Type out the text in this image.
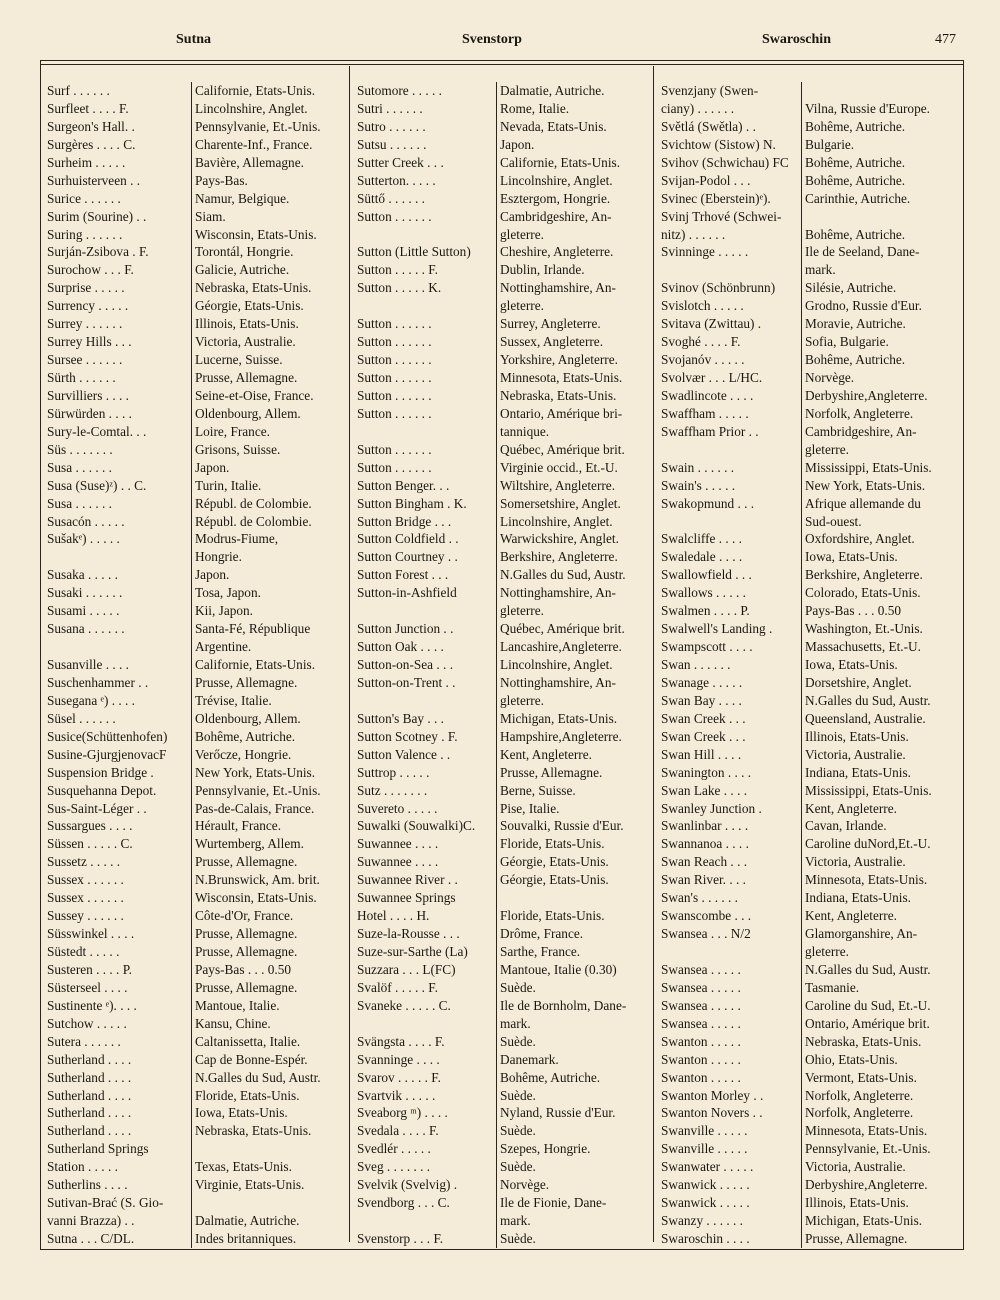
Sutna	Svenstorp	Swaroschin	477
Surf . . . . . .	Californie, Etats-Unis.
Surfleet . . . . F.	Lincolnshire, Anglet.
Surgeon's Hall. .	Pennsylvanie, Et.-Unis.
Surgères . . . . C.	Charente-Inf., France.
Surheim . . . . .	Bavière, Allemagne.
Surhuisterveen . .	Pays-Bas.
Surice . . . . . .	Namur, Belgique.
Surim (Sourine) . .	Siam.
Suring . . . . . .	Wisconsin, Etats-Unis.
Surján-Zsibova . F.	Torontál, Hongrie.
Surochow . . . F.	Galicie, Autriche.
Surprise . . . . .	Nebraska, Etats-Unis.
Surrency . . . . .	Géorgie, Etats-Unis.
Surrey . . . . . .	Illinois, Etats-Unis.
Surrey Hills . . .	Victoria, Australie.
Sursee . . . . . .	Lucerne, Suisse.
Sürth . . . . . .	Prusse, Allemagne.
Survilliers . . . .	Seine-et-Oise, France.
Sürwürden . . . .	Oldenbourg, Allem.
Sury-le-Comtal. . .	Loire, France.
Süs . . . . . . .	Grisons, Suisse.
Susa . . . . . .	Japon.
Susa (Suse)ᶻ) . . C.	Turin, Italie.
Susa . . . . . .	Républ. de Colombie.
Susacón . . . . .	Républ. de Colombie.
Sušakᵉ) . . . . .	Modrus-Fiume,
Hongrie.
Susaka . . . . .	Japon.
Susaki . . . . . .	Tosa, Japon.
Susami . . . . .	Kii, Japon.
Susana . . . . . .	Santa-Fé, République
Argentine.
Susanville . . . .	Californie, Etats-Unis.
Suschenhammer . .	Prusse, Allemagne.
Susegana ᵉ) . . . .	Trévise, Italie.
Süsel . . . . . .	Oldenbourg, Allem.
Susice(Schüttenhofen)	Bohême, Autriche.
Susine-GjurgjenovacF	Verőcze, Hongrie.
Suspension Bridge .	New York, Etats-Unis.
Susquehanna Depot.	Pennsylvanie, Et.-Unis.
Sus-Saint-Léger . .	Pas-de-Calais, France.
Sussargues . . . .	Hérault, France.
Süssen . . . . . C.	Wurtemberg, Allem.
Sussetz . . . . .	Prusse, Allemagne.
Sussex . . . . . .	N.Brunswick, Am. brit.
Sussex . . . . . .	Wisconsin, Etats-Unis.
Sussey . . . . . .	Côte-d'Or, France.
Süsswinkel . . . .	Prusse, Allemagne.
Süstedt . . . . .	Prusse, Allemagne.
Susteren . . . . P.	Pays-Bas . . . 0.50
Süsterseel . . . .	Prusse, Allemagne.
Sustinente ᵉ). . . .	Mantoue, Italie.
Sutchow . . . . .	Kansu, Chine.
Sutera . . . . . .	Caltanissetta, Italie.
Sutherland . . . .	Cap de Bonne-Espér.
Sutherland . . . .	N.Galles du Sud, Austr.
Sutherland . . . .	Floride, Etats-Unis.
Sutherland . . . .	Iowa, Etats-Unis.
Sutherland . . . .	Nebraska, Etats-Unis.
Sutherland Springs
Station . . . . .	Texas, Etats-Unis.
Sutherlins . . . .	Virginie, Etats-Unis.
Sutivan-Brać (S. Gio-
vanni Brazza) . .	Dalmatie, Autriche.
Sutna . . . C/DL.	Indes britanniques.
Sutomore . . . . .	Dalmatie, Autriche.
Sutri . . . . . .	Rome, Italie.
Sutro . . . . . .	Nevada, Etats-Unis.
Sutsu . . . . . .	Japon.
Sutter Creek . . .	Californie, Etats-Unis.
Sutterton. . . . .	Lincolnshire, Anglet.
Süttő . . . . . .	Esztergom, Hongrie.
Sutton . . . . . .	Cambridgeshire, An-
gleterre.
Sutton (Little Sutton)	Cheshire, Angleterre.
Sutton . . . . . F.	Dublin, Irlande.
Sutton . . . . . K.	Nottinghamshire, An-
gleterre.
Sutton . . . . . .	Surrey, Angleterre.
Sutton . . . . . .	Sussex, Angleterre.
Sutton . . . . . .	Yorkshire, Angleterre.
Sutton . . . . . .	Minnesota, Etats-Unis.
Sutton . . . . . .	Nebraska, Etats-Unis.
Sutton . . . . . .	Ontario, Amérique bri-
tannique.
Sutton . . . . . .	Québec, Amérique brit.
Sutton . . . . . .	Virginie occid., Et.-U.
Sutton Benger. . .	Wiltshire, Angleterre.
Sutton Bingham . K.	Somersetshire, Anglet.
Sutton Bridge . . .	Lincolnshire, Anglet.
Sutton Coldfield . .	Warwickshire, Anglet.
Sutton Courtney . .	Berkshire, Angleterre.
Sutton Forest . . .	N.Galles du Sud, Austr.
Sutton-in-Ashfield	Nottinghamshire, An-
gleterre.
Sutton Junction . .	Québec, Amérique brit.
Sutton Oak . . . .	Lancashire,Angleterre.
Sutton-on-Sea . . .	Lincolnshire, Anglet.
Sutton-on-Trent . .	Nottinghamshire, An-
gleterre.
Sutton's Bay . . .	Michigan, Etats-Unis.
Sutton Scotney . F.	Hampshire,Angleterre.
Sutton Valence . .	Kent, Angleterre.
Suttrop . . . . .	Prusse, Allemagne.
Sutz . . . . . . .	Berne, Suisse.
Suvereto . . . . .	Pise, Italie.
Suwalki (Souwalki)C.	Souvalki, Russie d'Eur.
Suwannee . . . .	Floride, Etats-Unis.
Suwannee . . . .	Géorgie, Etats-Unis.
Suwannee River . .	Géorgie, Etats-Unis.
Suwannee Springs
Hotel . . . . H.	Floride, Etats-Unis.
Suze-la-Rousse . . .	Drôme, France.
Suze-sur-Sarthe (La)	Sarthe, France.
Suzzara . . . L(FC)	Mantoue, Italie (0.30)
Svalöf . . . . . F.	Suède.
Svaneke . . . . . C.	Ile de Bornholm, Dane-
mark.
Svängsta . . . . F.	Suède.
Svanninge . . . .	Danemark.
Svarov . . . . . F.	Bohême, Autriche.
Svartvik . . . . .	Suède.
Sveaborg ᵐ) . . . .	Nyland, Russie d'Eur.
Svedala . . . . F.	Suède.
Svedlér . . . . .	Szepes, Hongrie.
Sveg . . . . . . .	Suède.
Svelvik (Svelvig) .	Norvège.
Svendborg . . . C.	Ile de Fionie, Dane-
mark.
Svenstorp . . . F.	Suède.
Svenzjany (Swen-
ciany) . . . . . .	Vilna, Russie d'Europe.
Světlá (Swětla) . .	Bohême, Autriche.
Svichtow (Sistow) N.	Bulgarie.
Svihov (Schwichau) FC	Bohême, Autriche.
Svijan-Podol . . .	Bohême, Autriche.
Svinec (Eberstein)ᵉ).	Carinthie, Autriche.
Svinj Trhové (Schwei-
nitz) . . . . . .	Bohême, Autriche.
Svinninge . . . . .	Ile de Seeland, Dane-
mark.
Svinov (Schönbrunn)	Silésie, Autriche.
Svislotch . . . . .	Grodno, Russie d'Eur.
Svitava (Zwittau) .	Moravie, Autriche.
Svoghé . . . . F.	Sofia, Bulgarie.
Svojanóv . . . . .	Bohême, Autriche.
Svolvær . . . L/HC.	Norvège.
Swadlincote . . . .	Derbyshire,Angleterre.
Swaffham . . . . .	Norfolk, Angleterre.
Swaffham Prior . .	Cambridgeshire, An-
gleterre.
Swain . . . . . .	Mississippi, Etats-Unis.
Swain's . . . . .	New York, Etats-Unis.
Swakopmund . . .	Afrique allemande du
Sud-ouest.
Swalcliffe . . . .	Oxfordshire, Anglet.
Swaledale . . . .	Iowa, Etats-Unis.
Swallowfield . . .	Berkshire, Angleterre.
Swallows . . . . .	Colorado, Etats-Unis.
Swalmen . . . . P.	Pays-Bas . . . 0.50
Swalwell's Landing .	Washington, Et.-Unis.
Swampscott . . . .	Massachusetts, Et.-U.
Swan . . . . . .	Iowa, Etats-Unis.
Swanage . . . . .	Dorsetshire, Anglet.
Swan Bay . . . .	N.Galles du Sud, Austr.
Swan Creek . . .	Queensland, Australie.
Swan Creek . . .	Illinois, Etats-Unis.
Swan Hill . . . .	Victoria, Australie.
Swanington . . . .	Indiana, Etats-Unis.
Swan Lake . . . .	Mississippi, Etats-Unis.
Swanley Junction .	Kent, Angleterre.
Swanlinbar . . . .	Cavan, Irlande.
Swannanoa . . . .	Caroline duNord,Et.-U.
Swan Reach . . .	Victoria, Australie.
Swan River. . . .	Minnesota, Etats-Unis.
Swan's . . . . . .	Indiana, Etats-Unis.
Swanscombe . . .	Kent, Angleterre.
Swansea . . . N/2	Glamorganshire, An-
gleterre.
Swansea . . . . .	N.Galles du Sud, Austr.
Swansea . . . . .	Tasmanie.
Swansea . . . . .	Caroline du Sud, Et.-U.
Swansea . . . . .	Ontario, Amérique brit.
Swanton . . . . .	Nebraska, Etats-Unis.
Swanton . . . . .	Ohio, Etats-Unis.
Swanton . . . . .	Vermont, Etats-Unis.
Swanton Morley . .	Norfolk, Angleterre.
Swanton Novers . .	Norfolk, Angleterre.
Swanville . . . . .	Minnesota, Etats-Unis.
Swanville . . . . .	Pennsylvanie, Et.-Unis.
Swanwater . . . . .	Victoria, Australie.
Swanwick . . . . .	Derbyshire,Angleterre.
Swanwick . . . . .	Illinois, Etats-Unis.
Swanzy . . . . . .	Michigan, Etats-Unis.
Swaroschin . . . .	Prusse, Allemagne.
